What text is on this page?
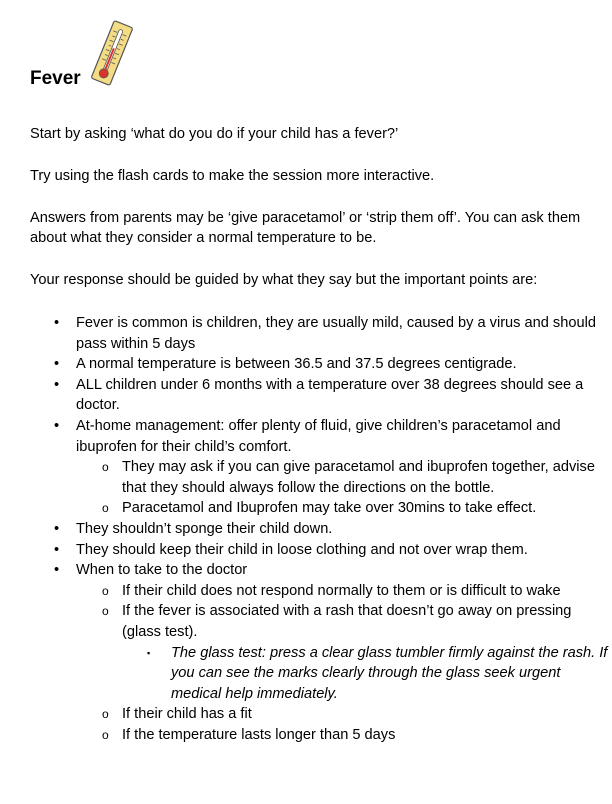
Fever

Start by asking ‘what do you do if your child has a fever?’

Try using the flash cards to make the session more interactive.

Answers from parents may be ‘give paracetamol’ or ‘strip them off’. You can ask them about what they consider a normal temperature to be.

Your response should be guided by what they say but the important points are:

• Fever is common is children, they are usually mild, caused by a virus and should pass within 5 days
• A normal temperature is between 36.5 and 37.5 degrees centigrade.
• ALL children under 6 months with a temperature over 38 degrees should see a doctor.
• At-home management: offer plenty of fluid, give children’s paracetamol and ibuprofen for their child’s comfort.
o They may ask if you can give paracetamol and ibuprofen together, advise that they should always follow the directions on the bottle.
o Paracetamol and Ibuprofen may take over 30mins to take effect.
• They shouldn’t sponge their child down.
• They should keep their child in loose clothing and not over wrap them.
• When to take to the doctor
o If their child does not respond normally to them or is difficult to wake
o If the fever is associated with a rash that doesn’t go away on pressing (glass test).
▪ The glass test: press a clear glass tumbler firmly against the rash. If you can see the marks clearly through the glass seek urgent medical help immediately.
o If their child has a fit
o If the temperature lasts longer than 5 days
